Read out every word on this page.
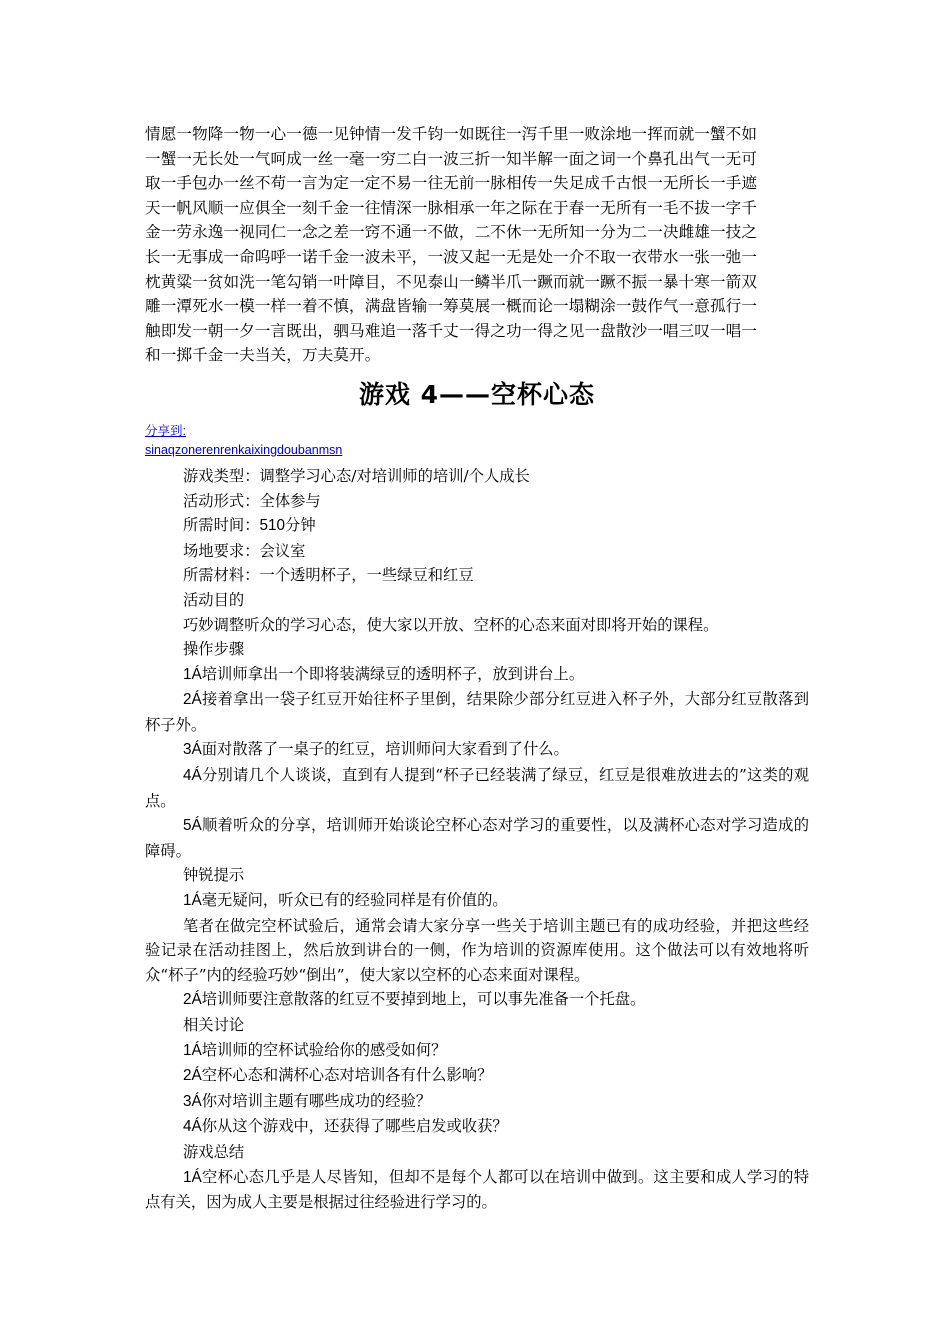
情愿一物降一物一心一德一见钟情一发千钧一如既往一泻千里一败涂地一挥而就一蟹不如

一蟹一无长处一气呵成一丝一毫一穷二白一波三折一知半解一面之词一个鼻孔出气一无可

取一手包办一丝不苟一言为定一定不易一往无前一脉相传一失足成千古恨一无所长一手遮

天一帆风顺一应俱全一刻千金一往情深一脉相承一年之际在于春一无所有一毛不拔一字千

金一劳永逸一视同仁一念之差一窍不通一不做，二不休一无所知一分为二一决雌雄一技之

长一无事成一命呜呼一诺千金一波未平，一波又起一无是处一介不取一衣带水一张一弛一

枕黄粱一贫如洗一笔勾销一叶障目，不见泰山一鳞半爪一蹶而就一蹶不振一暴十寒一箭双

雕一潭死水一模一样一着不慎，满盘皆输一筹莫展一概而论一塌糊涂一鼓作气一意孤行一

触即发一朝一夕一言既出，驷马难追一落千丈一得之功一得之见一盘散沙一唱三叹一唱一

和一掷千金一夫当关，万夫莫开。

游戏 4——空杯心态
分享到:
sinaqzonerenrenkaixingdoubanmsn

游戏类型：调整学习心态/对培训师的培训/个人成长

活动形式：全体参与

所需时间：510分钟

场地要求：会议室

所需材料：一个透明杯子，一些绿豆和红豆

活动目的

巧妙调整听众的学习心态，使大家以开放、空杯的心态来面对即将开始的课程。

操作步骤

1Á培训师拿出一个即将装满绿豆的透明杯子，放到讲台上。

2Á接着拿出一袋子红豆开始往杯子里倒，结果除少部分红豆进入杯子外，大部分红豆散落到杯子外。

3Á面对散落了一桌子的红豆，培训师问大家看到了什么。

4Á分别请几个人谈谈，直到有人提到“杯子已经装满了绿豆，红豆是很难放进去的”这类的观点。

5Á顺着听众的分享，培训师开始谈论空杯心态对学习的重要性，以及满杯心态对学习造成的障碍。

钟锐提示

1Á毫无疑问，听众已有的经验同样是有价值的。

笔者在做完空杯试验后，通常会请大家分享一些关于培训主题已有的成功经验，并把这些经验记录在活动挂图上，然后放到讲台的一侧，作为培训的资源库使用。这个做法可以有效地将听众“杯子”内的经验巧妙“倒出”，使大家以空杯的心态来面对课程。

2Á培训师要注意散落的红豆不要掉到地上，可以事先准备一个托盘。

相关讨论

1Á培训师的空杯试验给你的感受如何？

2Á空杯心态和满杯心态对培训各有什么影响？

3Á你对培训主题有哪些成功的经验？

4Á你从这个游戏中，还获得了哪些启发或收获？

游戏总结

1Á空杯心态几乎是人尽皆知，但却不是每个人都可以在培训中做到。这主要和成人学习的特点有关，因为成人主要是根据过往经验进行学习的。
